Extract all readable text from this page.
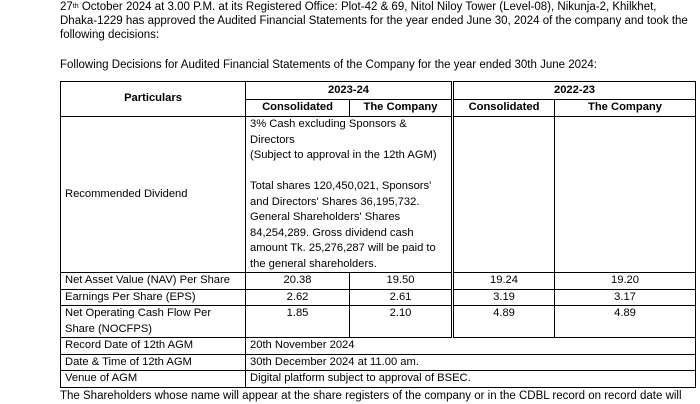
27th October 2024 at 3.00 P.M. at its Registered Office: Plot-42 & 69, Nitol Niloy Tower (Level-08), Nikunja-2, Khilkhet,
Dhaka-1229 has approved the Audited Financial Statements for the year ended June 30, 2024 of the company and took the
following decisions:
Following Decisions for Audited Financial Statements of the Company for the year ended 30th June 2024:
Particulars	2023-24		2022-23	
	Consolidated	The Company	Consolidated	The Company
Recommended Dividend	3% Cash excluding Sponsors & Directors
(Subject to approval in the 12th AGM)
Total shares 120,450,021, Sponsors' and Directors' Shares 36,195,732. General Shareholders' Shares 84,254,289. Gross dividend cash amount Tk. 25,276,287 will be paid to the general shareholders.			

Net Asset Value (NAV) Per Share	20.38	19.50	19.24	19.20
Earnings Per Share (EPS)	2.62	2.61	3.19	3.17
Net Operating Cash Flow Per Share (NOCFPS)	1.85	2.10	4.89	4.89
Record Date of 12th AGM	20th November 2024			
Date & Time of 12th AGM	30th December 2024 at 11.00 am.			
Venue of AGM	Digital platform subject to approval of BSEC.			
The Shareholders whose name will appear at the share registers of the company or in the CDBL record on record date will
